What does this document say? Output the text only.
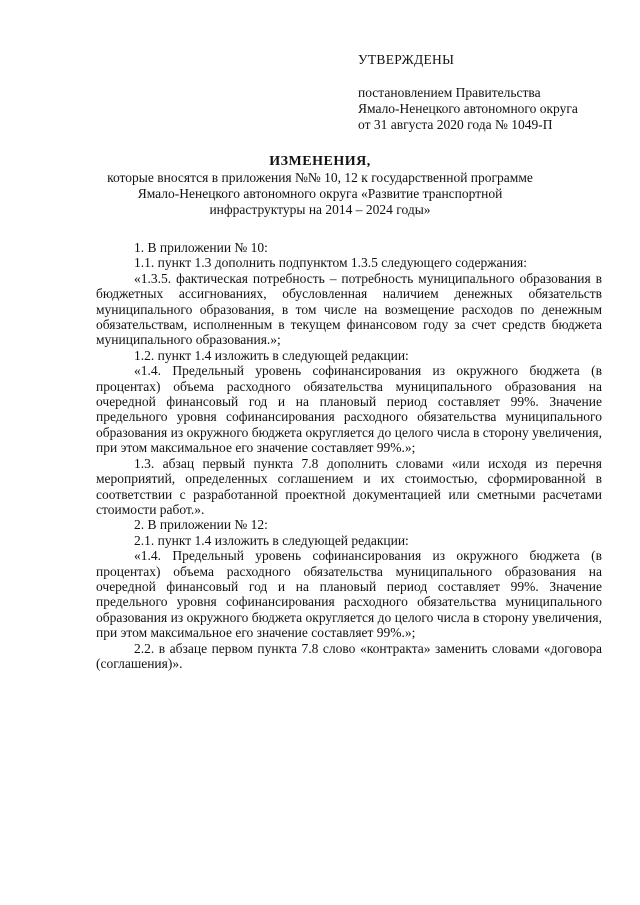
УТВЕРЖДЕНЫ
постановлением Правительства
Ямало-Ненецкого автономного округа
от 31 августа 2020 года № 1049-П
ИЗМЕНЕНИЯ,
которые вносятся в приложения №№ 10, 12 к государственной программе
Ямало-Ненецкого автономного округа «Развитие транспортной
инфраструктуры на 2014 – 2024 годы»

1. В приложении № 10:

1.1. пункт 1.3 дополнить подпунктом 1.3.5 следующего содержания:

«1.3.5. фактическая потребность – потребность муниципального образования в бюджетных ассигнованиях, обусловленная наличием денежных обязательств муниципального образования, в том числе на возмещение расходов по денежным обязательствам, исполненным в текущем финансовом году за счет средств бюджета муниципального образования.»;

1.2. пункт 1.4 изложить в следующей редакции:

«1.4. Предельный уровень софинансирования из окружного бюджета (в процентах) объема расходного обязательства муниципального образования на очередной финансовый год и на плановый период составляет 99%. Значение предельного уровня софинансирования расходного обязательства муниципального образования из окружного бюджета округляется до целого числа в сторону увеличения, при этом максимальное его значение составляет 99%.»;

1.3. абзац первый пункта 7.8 дополнить словами «или исходя из перечня мероприятий, определенных соглашением и их стоимостью, сформированной в соответствии с разработанной проектной документацией или сметными расчетами стоимости работ.».

2. В приложении № 12:

2.1. пункт 1.4 изложить в следующей редакции:

«1.4. Предельный уровень софинансирования из окружного бюджета (в процентах) объема расходного обязательства муниципального образования на очередной финансовый год и на плановый период составляет 99%. Значение предельного уровня софинансирования расходного обязательства муниципального образования из окружного бюджета округляется до целого числа в сторону увеличения, при этом максимальное его значение составляет 99%.»;

2.2. в абзаце первом пункта 7.8 слово «контракта» заменить словами «договора (соглашения)».
